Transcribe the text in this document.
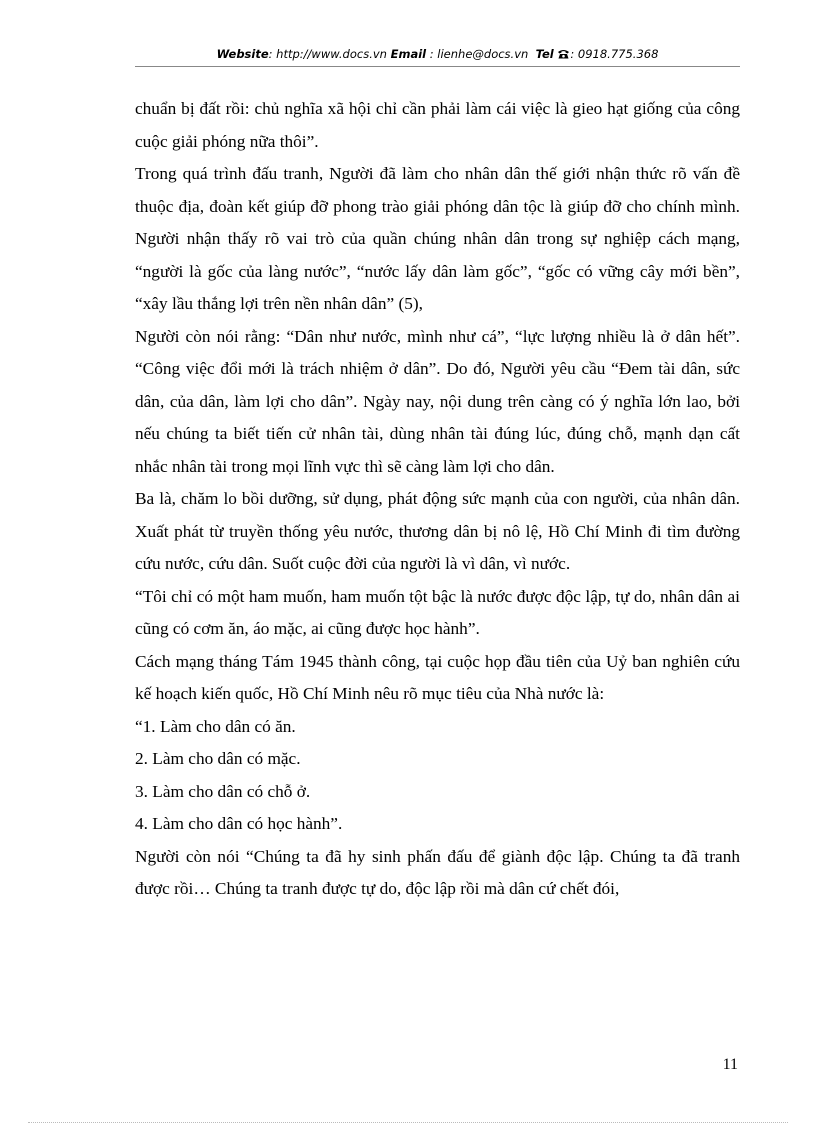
Website: http://www.docs.vn Email : lienhe@docs.vn Tel : 0918.775.368

chuẩn bị đất rồi: chủ nghĩa xã hội chỉ cần phải làm cái việc là gieo hạt giống của công cuộc giải phóng nữa thôi”.

Trong quá trình đấu tranh, Người đã làm cho nhân dân thế giới nhận thức rõ vấn đề thuộc địa, đoàn kết giúp đỡ phong trào giải phóng dân tộc là giúp đỡ cho chính mình. Người nhận thấy rõ vai trò của quần chúng nhân dân trong sự nghiệp cách mạng, “người là gốc của làng nước”, “nước lấy dân làm gốc”, “gốc có vững cây mới bền”, “xây lầu thắng lợi trên nền nhân dân” (5),

Người còn nói rằng: “Dân như nước, mình như cá”, “lực lượng nhiều là ở dân hết”. “Công việc đổi mới là trách nhiệm ở dân”. Do đó, Người yêu cầu “Đem tài dân, sức dân, của dân, làm lợi cho dân”. Ngày nay, nội dung trên càng có ý nghĩa lớn lao, bởi nếu chúng ta biết tiến cử nhân tài, dùng nhân tài đúng lúc, đúng chỗ, mạnh dạn cất nhắc nhân tài trong mọi lĩnh vực thì sẽ càng làm lợi cho dân.

Ba là, chăm lo bồi dưỡng, sử dụng, phát động sức mạnh của con người, của nhân dân. Xuất phát từ truyền thống yêu nước, thương dân bị nô lệ, Hồ Chí Minh đi tìm đường cứu nước, cứu dân. Suốt cuộc đời của người là vì dân, vì nước.

“Tôi chỉ có một ham muốn, ham muốn tột bậc là nước được độc lập, tự do, nhân dân ai cũng có cơm ăn, áo mặc, ai cũng được học hành”.

Cách mạng tháng Tám 1945 thành công, tại cuộc họp đầu tiên của Uỷ ban nghiên cứu kế hoạch kiến quốc, Hồ Chí Minh nêu rõ mục tiêu của Nhà nước là:

“1. Làm cho dân có ăn.

2. Làm cho dân có mặc.

3. Làm cho dân có chỗ ở.

4. Làm cho dân có học hành”.

Người còn nói “Chúng ta đã hy sinh phấn đấu để giành độc lập. Chúng ta đã tranh được rồi… Chúng ta tranh được tự do, độc lập rồi mà dân cứ chết đói,

11
